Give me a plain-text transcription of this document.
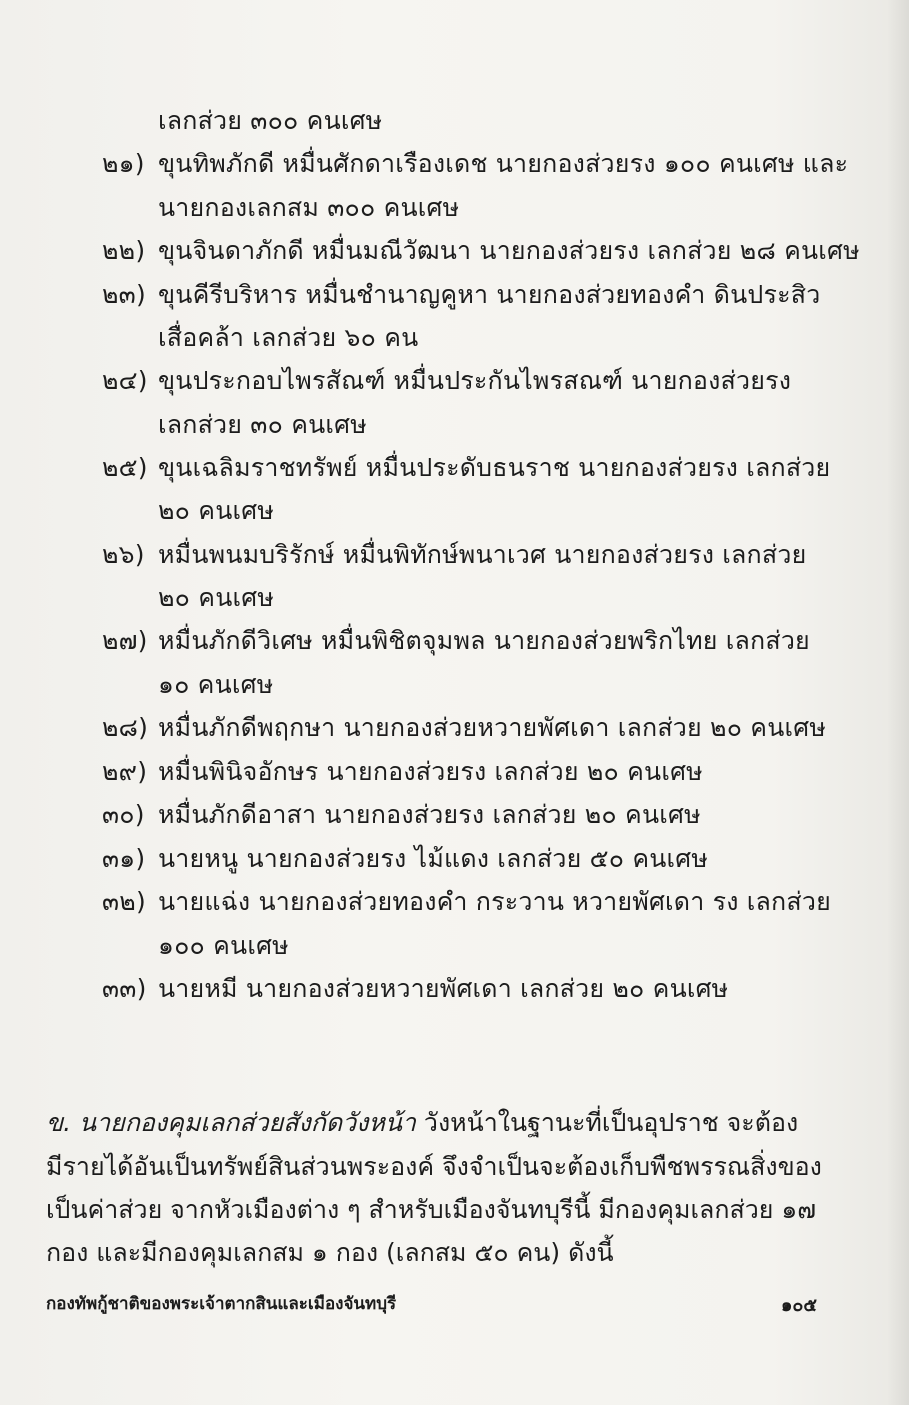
เลกส่วย ๓๐๐ คนเศษ
๒๑) ขุนทิพภักดี หมื่นศักดาเรืองเดช นายกองส่วยรง ๑๐๐ คนเศษ และ
นายกองเลกสม ๓๐๐ คนเศษ
๒๒) ขุนจินดาภักดี หมื่นมณีวัฒนา นายกองส่วยรง เลกส่วย ๒๘ คนเศษ
๒๓) ขุนคีรีบริหาร หมื่นชำนาญคูหา นายกองส่วยทองคำ ดินประสิว
เสื่อคล้า เลกส่วย ๖๐ คน
๒๔) ขุนประกอบไพรสัณฑ์ หมื่นประกันไพรสณฑ์ นายกองส่วยรง
เลกส่วย ๓๐ คนเศษ
๒๕) ขุนเฉลิมราชทรัพย์ หมื่นประดับธนราช นายกองส่วยรง เลกส่วย
๒๐ คนเศษ
๒๖) หมื่นพนมบริรักษ์ หมื่นพิทักษ์พนาเวศ นายกองส่วยรง เลกส่วย
๒๐ คนเศษ
๒๗) หมื่นภักดีวิเศษ หมื่นพิชิตจุมพล นายกองส่วยพริกไทย เลกส่วย
๑๐ คนเศษ
๒๘) หมื่นภักดีพฤกษา นายกองส่วยหวายพัศเดา เลกส่วย ๒๐ คนเศษ
๒๙) หมื่นพินิจอักษร นายกองส่วยรง เลกส่วย ๒๐ คนเศษ
๓๐) หมื่นภักดีอาสา นายกองส่วยรง เลกส่วย ๒๐ คนเศษ
๓๑) นายหนู นายกองส่วยรง ไม้แดง เลกส่วย ๕๐ คนเศษ
๓๒) นายแฉ่ง นายกองส่วยทองคำ กระวาน หวายพัศเดา รง เลกส่วย
๑๐๐ คนเศษ
๓๓) นายหมี นายกองส่วยหวายพัศเดา เลกส่วย ๒๐ คนเศษ
ข. นายกองคุมเลกส่วยสังกัดวังหน้า วังหน้าในฐานะที่เป็นอุปราช จะต้อง
มีรายได้อันเป็นทรัพย์สินส่วนพระองค์ จึงจำเป็นจะต้องเก็บพืชพรรณสิ่งของ
เป็นค่าส่วย จากหัวเมืองต่าง ๆ สำหรับเมืองจันทบุรีนี้ มีกองคุมเลกส่วย ๑๗
กอง และมีกองคุมเลกสม ๑ กอง (เลกสม ๕๐ คน) ดังนี้
กองทัพกู้ชาติของพระเจ้าตากสินและเมืองจันทบุรี	๑๐๕
